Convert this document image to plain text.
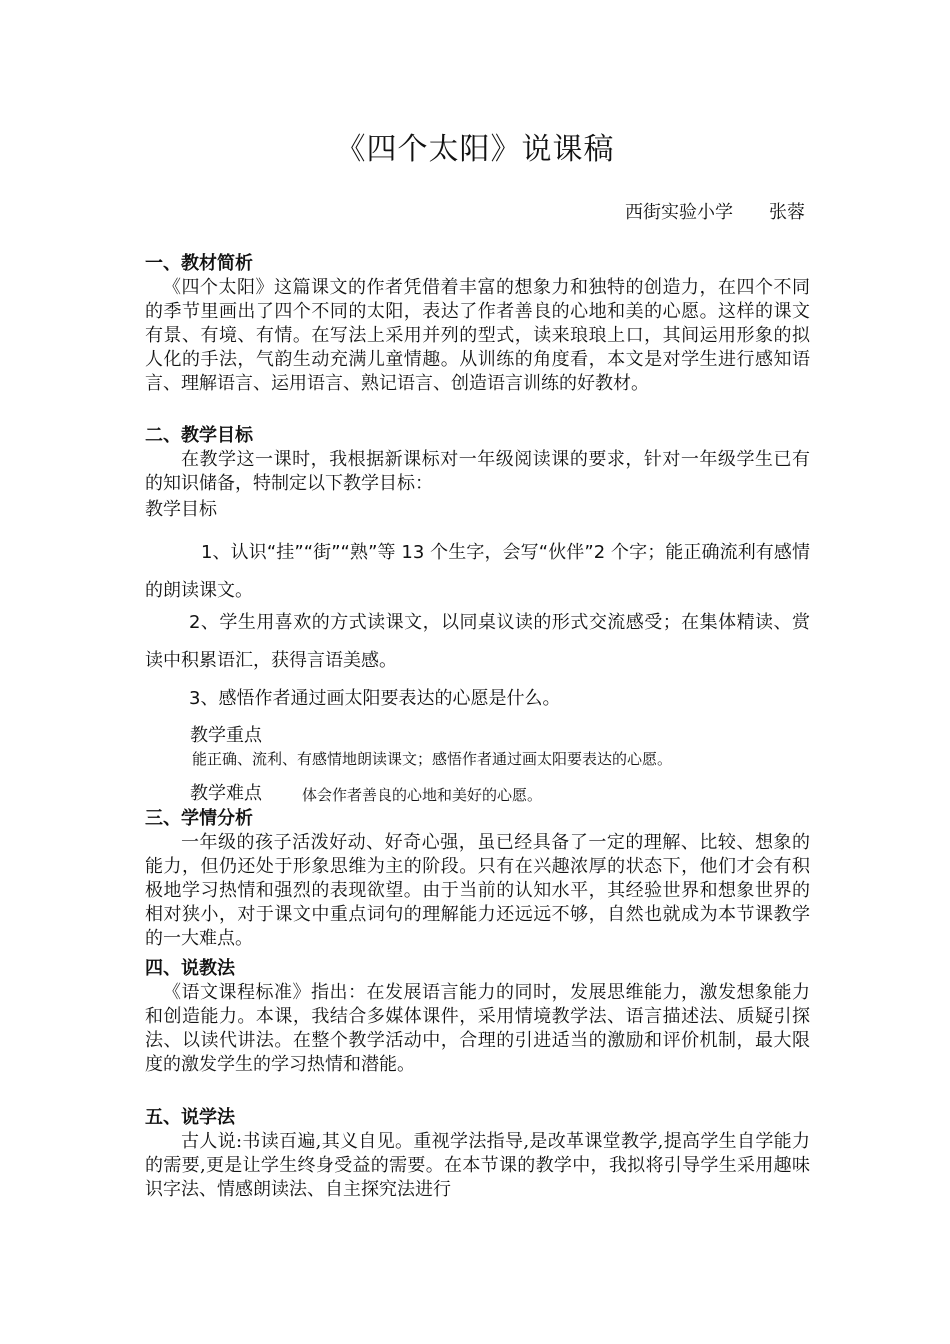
《四个太阳》说课稿
西街实验小学 张蓉
一、教材简析
《四个太阳》这篇课文的作者凭借着丰富的想象力和独特的创造力，在四个不同的季节里画出了四个不同的太阳，表达了作者善良的心地和美的心愿。这样的课文有景、有境、有情。在写法上采用并列的型式，读来琅琅上口，其间运用形象的拟人化的手法，气韵生动充满儿童情趣。从训练的角度看，本文是对学生进行感知语言、理解语言、运用语言、熟记语言、创造语言训练的好教材。
二、教学目标
在教学这一课时，我根据新课标对一年级阅读课的要求，针对一年级学生已有的知识储备，特制定以下教学目标：
教学目标
1、认识“挂”“街”“熟”等 13 个生字，会写“伙伴”2 个字；能正确流利有感情的朗读课文。
2、学生用喜欢的方式读课文，以同桌议读的形式交流感受；在集体精读、赏读中积累语汇，获得言语美感。
3、感悟作者通过画太阳要表达的心愿是什么。
教学重点
能正确、流利、有感情地朗读课文；感悟作者通过画太阳要表达的心愿。
教学难点	体会作者善良的心地和美好的心愿。
三、学情分析
一年级的孩子活泼好动、好奇心强，虽已经具备了一定的理解、比较、想象的能力，但仍还处于形象思维为主的阶段。只有在兴趣浓厚的状态下，他们才会有积极地学习热情和强烈的表现欲望。由于当前的认知水平，其经验世界和想象世界的相对狭小，对于课文中重点词句的理解能力还远远不够，自然也就成为本节课教学的一大难点。
四、说教法
《语文课程标准》指出：在发展语言能力的同时，发展思维能力，激发想象能力和创造能力。本课，我结合多媒体课件，采用情境教学法、语言描述法、质疑引探法、以读代讲法。在整个教学活动中，合理的引进适当的激励和评价机制，最大限度的激发学生的学习热情和潜能。
五、说学法
古人说:书读百遍,其义自见。重视学法指导,是改革课堂教学,提高学生自学能力的需要,更是让学生终身受益的需要。在本节课的教学中，我拟将引导学生采用趣味识字法、情感朗读法、自主探究法进行
